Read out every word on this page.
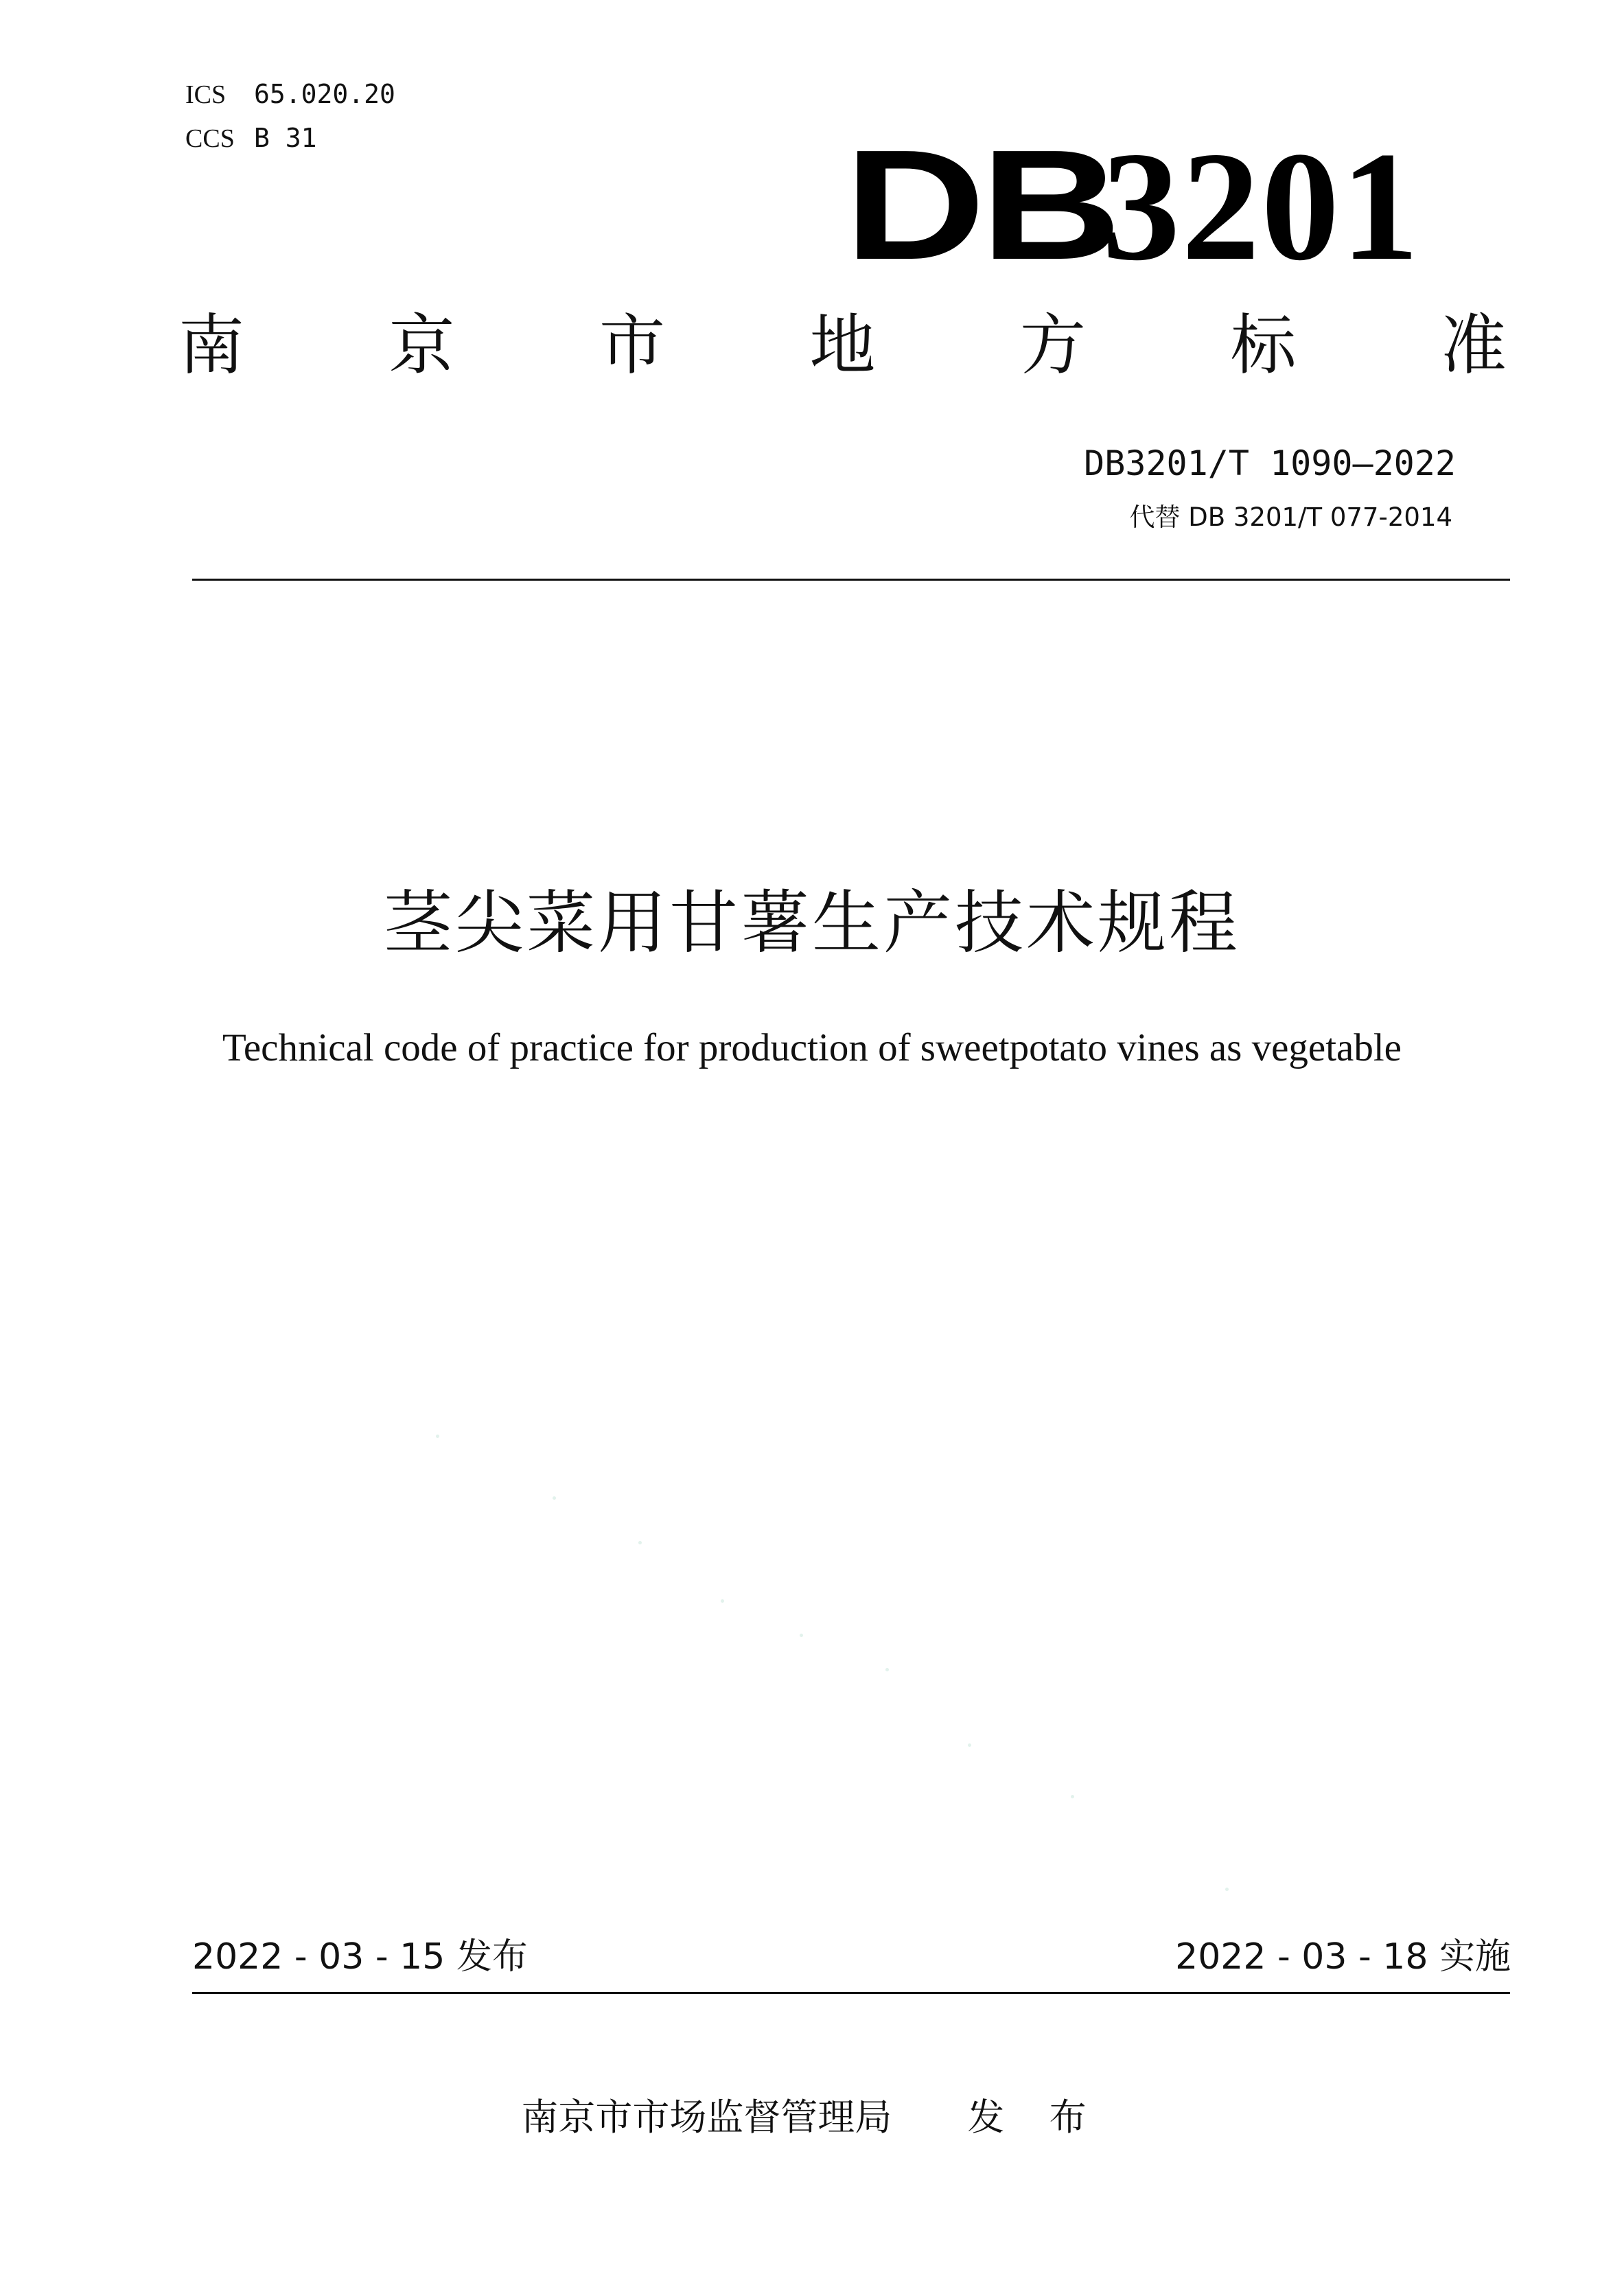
ICS 65.020.20
CCS B 31	DB3201
南 京 市 地 方 标 准
DB3201/T 1090—2022
代替 DB 3201/T 077-2014
茎尖菜用甘薯生产技术规程
Technical code of practice for production of sweetpotato vines as vegetable
2022 - 03 - 15 发布	2022 - 03 - 18 实施
南京市市场监督管理局 发 布
